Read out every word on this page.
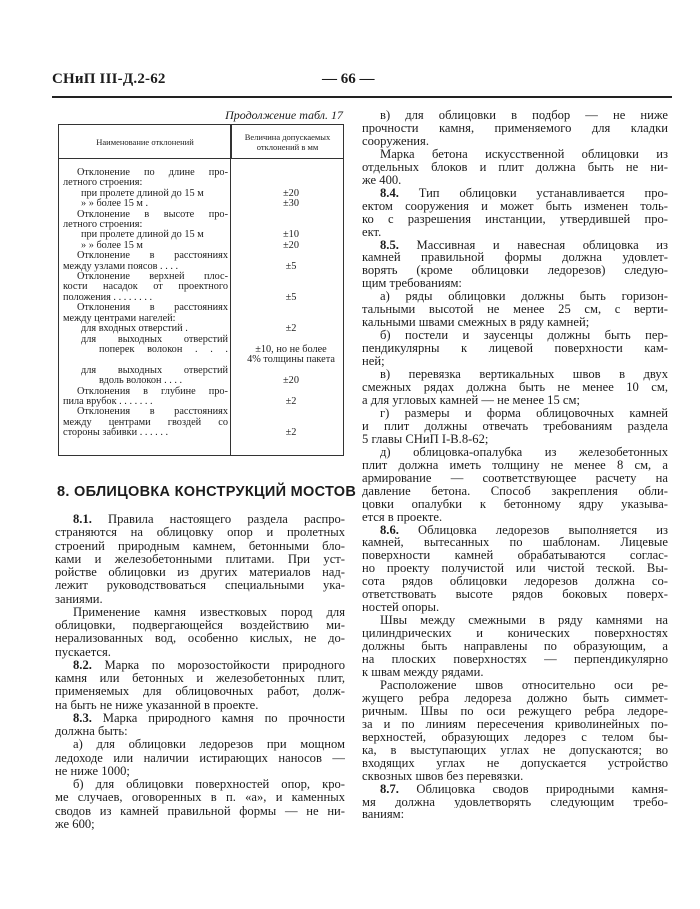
СНиП III-Д.2-62	— 66 —
Продолжение табл. 17
Наименование отклонений	Величина допускаемых
отклонений в мм
Отклонение по длине про-
летного строения:
при пролете длиной до 15 м	±20
» » более 15 м .	±30
Отклонение в высоте про-
летного строения:
при пролете длиной до 15 м	±10
» » более 15 м	±20
Отклонение в расстояниях
между узлами поясов . . . .	±5
Отклонение верхней плос-
кости насадок от проектного
положения . . . . . . . .	±5
Отклонения в расстояниях
между центрами нагелей:
для входных отверстий .	±2
для выходных отверстий
поперек волокон . . .
	±10, но не более
4% толщины пакета
для выходных отверстий
вдоль волокон . . . .	±20
Отклонения в глубине про-
пила врубок . . . . . . .	±2
Отклонения в расстояниях
между центрами гвоздей со
стороны забивки . . . . . .	±2
8. ОБЛИЦОВКА КОНСТРУКЦИЙ МОСТОВ
8.1. Правила настоящего раздела распро-
страняются на облицовку опор и пролетных
строений природным камнем, бетонными бло-
ками и железобетонными плитами. При уст-
ройстве облицовки из других материалов над-
лежит руководствоваться специальными ука-
заниями.
Применение камня известковых пород для
облицовки, подвергающейся воздействию ми-
нерализованных вод, особенно кислых, не до-
пускается.
8.2. Марка по морозостойкости природного
камня или бетонных и железобетонных плит,
применяемых для облицовочных работ, долж-
на быть не ниже указанной в проекте.
8.3. Марка природного камня по прочности
должна быть:
а) для облицовки ледорезов при мощном
ледоходе или наличии истирающих наносов —
не ниже 1000;
б) для облицовки поверхностей опор, кро-
ме случаев, оговоренных в п. «а», и каменных
сводов из камней правильной формы — не ни-
же 600;
в) для облицовки в подбор — не ниже
прочности камня, применяемого для кладки
сооружения.
Марка бетона искусственной облицовки из
отдельных блоков и плит должна быть не ни-
же 400.
8.4. Тип облицовки устанавливается про-
ектом сооружения и может быть изменен толь-
ко с разрешения инстанции, утвердившей про-
ект.
8.5. Массивная и навесная облицовка из
камней правильной формы должна удовлет-
ворять (кроме облицовки ледорезов) следую-
щим требованиям:
а) ряды облицовки должны быть горизон-
тальными высотой не менее 25 см, с верти-
кальными швами смежных в ряду камней;
б) постели и заусенцы должны быть пер-
пендикулярны к лицевой поверхности кам-
ней;
в) перевязка вертикальных швов в двух
смежных рядах должна быть не менее 10 см,
а для угловых камней — не менее 15 см;
г) размеры и форма облицовочных камней
и плит должны отвечать требованиям раздела
5 главы СНиП I-В.8-62;
д) облицовка-опалубка из железобетонных
плит должна иметь толщину не менее 8 см, а
армирование — соответствующее расчету на
давление бетона. Способ закрепления обли-
цовки опалубки к бетонному ядру указыва-
ется в проекте.
8.6. Облицовка ледорезов выполняется из
камней, вытесанных по шаблонам. Лицевые
поверхности камней обрабатываются соглас-
но проекту получистой или чистой теской. Вы-
сота рядов облицовки ледорезов должна со-
ответствовать высоте рядов боковых поверх-
ностей опоры.
Швы между смежными в ряду камнями на
цилиндрических и конических поверхностях
должны быть направлены по образующим, а
на плоских поверхностях — перпендикулярно
к швам между рядами.
Расположение швов относительно оси ре-
жущего ребра ледореза должно быть симмет-
ричным. Швы по оси режущего ребра ледоре-
за и по линиям пересечения криволинейных по-
верхностей, образующих ледорез с телом бы-
ка, в выступающих углах не допускаются; во
входящих углах не допускается устройство
сквозных швов без перевязки.
8.7. Облицовка сводов природными камня-
мя должна удовлетворять следующим требо-
ваниям:
